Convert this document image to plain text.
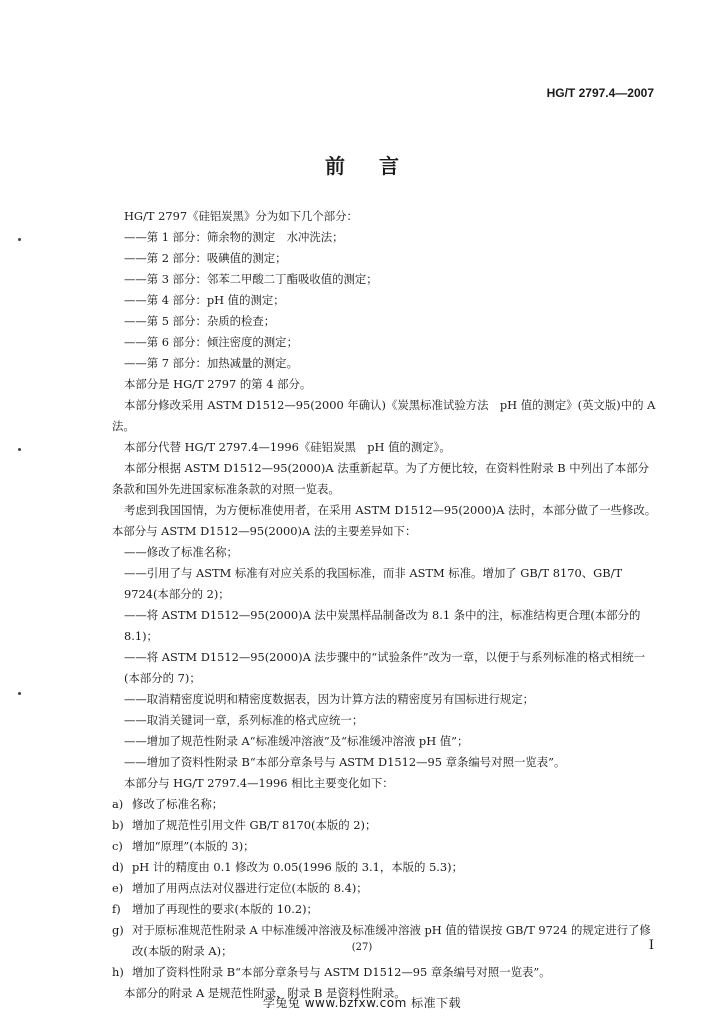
HG/T 2797.4—2007
前言

HG/T 2797《硅铝炭黑》分为如下几个部分：

——第 1 部分：筛余物的测定　水冲洗法；

——第 2 部分：吸碘值的测定；

——第 3 部分：邻苯二甲酸二丁酯吸收值的测定；

——第 4 部分：pH 值的测定；

——第 5 部分：杂质的检查；

——第 6 部分：倾注密度的测定；

——第 7 部分：加热减量的测定。

本部分是 HG/T 2797 的第 4 部分。

本部分修改采用 ASTM D1512—95(2000 年确认)《炭黑标准试验方法　pH 值的测定》(英文版)中的 A 法。

本部分代替 HG/T 2797.4—1996《硅铝炭黑　pH 值的测定》。

本部分根据 ASTM D1512—95(2000)A 法重新起草。为了方便比较，在资料性附录 B 中列出了本部分条款和国外先进国家标准条款的对照一览表。

考虑到我国国情，为方便标准使用者，在采用 ASTM D1512—95(2000)A 法时，本部分做了一些修改。本部分与 ASTM D1512—95(2000)A 法的主要差异如下：

——修改了标准名称；

——引用了与 ASTM 标准有对应关系的我国标准，而非 ASTM 标准。增加了 GB/T 8170、GB/T 9724(本部分的 2)；

——将 ASTM D1512—95(2000)A 法中炭黑样品制备改为 8.1 条中的注，标准结构更合理(本部分的 8.1)；

——将 ASTM D1512—95(2000)A 法步骤中的“试验条件”改为一章，以便于与系列标准的格式相统一(本部分的 7)；

——取消精密度说明和精密度数据表，因为计算方法的精密度另有国标进行规定；

——取消关键词一章，系列标准的格式应统一；

——增加了规范性附录 A“标准缓冲溶液”及“标准缓冲溶液 pH 值”；

——增加了资料性附录 B“本部分章条号与 ASTM D1512—95 章条编号对照一览表”。

本部分与 HG/T 2797.4—1996 相比主要变化如下：

a) 修改了标准名称；
b) 增加了规范性引用文件 GB/T 8170(本版的 2)；
c) 增加“原理”(本版的 3)；
d) pH 计的精度由 0.1 修改为 0.05(1996 版的 3.1，本版的 5.3)；
e) 增加了用两点法对仪器进行定位(本版的 8.4)；
f) 增加了再现性的要求(本版的 10.2)；
g) 对于原标准规范性附录 A 中标准缓冲溶液及标准缓冲溶液 pH 值的错误按 GB/T 9724 的规定进行了修改(本版的附录 A)；
h) 增加了资料性附录 B“本部分章条号与 ASTM D1512—95 章条编号对照一览表”。

本部分的附录 A 是规范性附录，附录 B 是资料性附录。

(27)	I
学兔兔 www.bzfxw.com 标准下载
